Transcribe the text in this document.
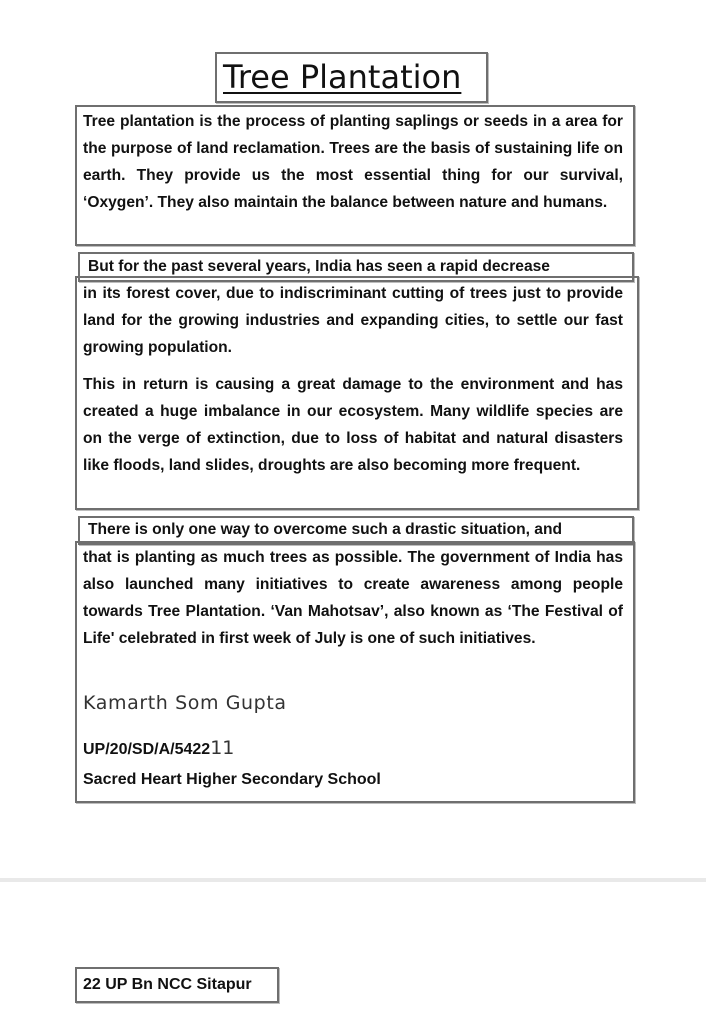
Tree Plantation

Tree plantation is the process of planting saplings or seeds in a area for the purpose of land reclamation. Trees are the basis of sustaining life on earth. They provide us the most essential thing for our survival, ‘Oxygen’. They also maintain the balance between nature and humans.

But for the past several years, India has seen a rapid decrease

in its forest cover, due to indiscriminant cutting of trees just to provide land for the growing industries and expanding cities, to settle our fast growing population.

This in return is causing a great damage to the environment and has created a huge imbalance in our ecosystem. Many wildlife species are on the verge of extinction, due to loss of habitat and natural disasters like floods, land slides, droughts are also becoming more frequent.

There is only one way to overcome such a drastic situation, and

that is planting as much trees as possible. The government of India has also launched many initiatives to create awareness among people towards Tree Plantation. ‘Van Mahotsav’, also known as ‘The Festival of Life' celebrated in first week of July is one of such initiatives.

Kamarth Som Gupta
UP/20/SD/A/542211
Sacred Heart Higher Secondary School
22 UP Bn NCC Sitapur
